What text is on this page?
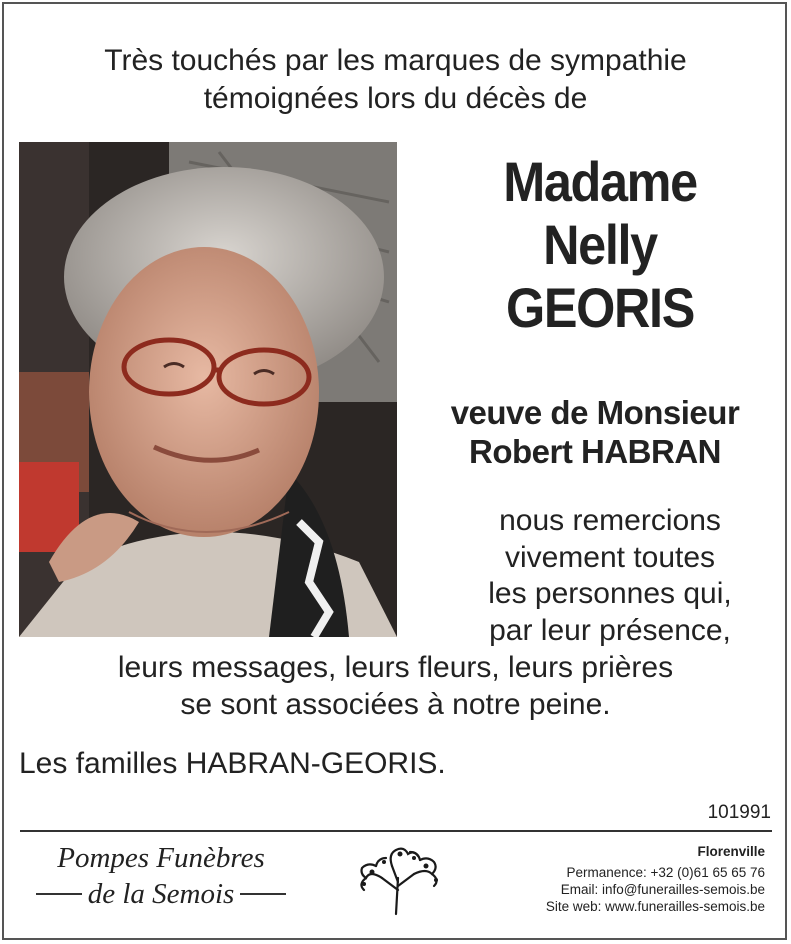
Très touchés par les marques de sympathie
témoignées lors du décès de
Madame
Nelly
GEORIS
veuve de Monsieur
Robert HABRAN
nous remercions
vivement toutes
les personnes qui,
par leur présence,
leurs messages, leurs fleurs, leurs prières
se sont associées à notre peine.
Les familles HABRAN-GEORIS.
101991
Pompes Funèbres
de la Semois
Florenville
Permanence: +32 (0)61 65 65 76
Email: info@funerailles-semois.be
Site web: www.funerailles-semois.be
